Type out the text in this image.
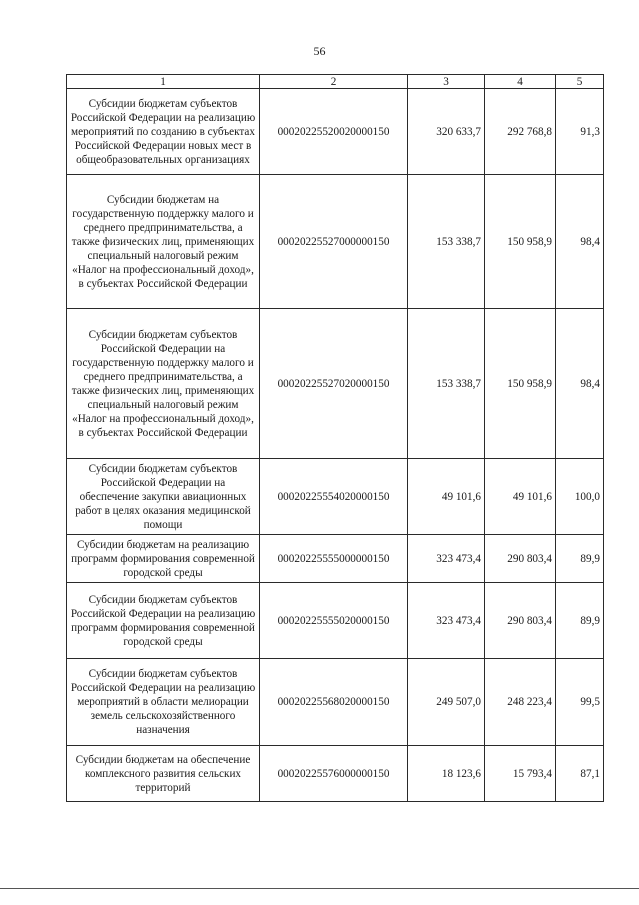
56
1	2	3	4	5
Субсидии бюджетам субъектов Российской Федерации на реализацию мероприятий по созданию в субъектах Российской Федерации новых мест в общеобразовательных организациях	00020225520020000150	320 633,7	292 768,8	91,3
Субсидии бюджетам на государственную поддержку малого и среднего предпринимательства, а также физических лиц, применяющих специальный налоговый режим «Налог на профессиональный доход», в субъектах Российской Федерации	00020225527000000150	153 338,7	150 958,9	98,4
Субсидии бюджетам субъектов Российской Федерации на государственную поддержку малого и среднего предпринимательства, а также физических лиц, применяющих специальный налоговый режим «Налог на профессиональный доход», в субъектах Российской Федерации	00020225527020000150	153 338,7	150 958,9	98,4
Субсидии бюджетам субъектов Российской Федерации на обеспечение закупки авиационных работ в целях оказания медицинской помощи	00020225554020000150	49 101,6	49 101,6	100,0
Субсидии бюджетам на реализацию программ формирования современной городской среды	00020225555000000150	323 473,4	290 803,4	89,9
Субсидии бюджетам субъектов Российской Федерации на реализацию программ формирования современной городской среды	00020225555020000150	323 473,4	290 803,4	89,9
Субсидии бюджетам субъектов Российской Федерации на реализацию мероприятий в области мелиорации земель сельскохозяйственного назначения	00020225568020000150	249 507,0	248 223,4	99,5
Субсидии бюджетам на обеспечение комплексного развития сельских территорий	00020225576000000150	18 123,6	15 793,4	87,1
